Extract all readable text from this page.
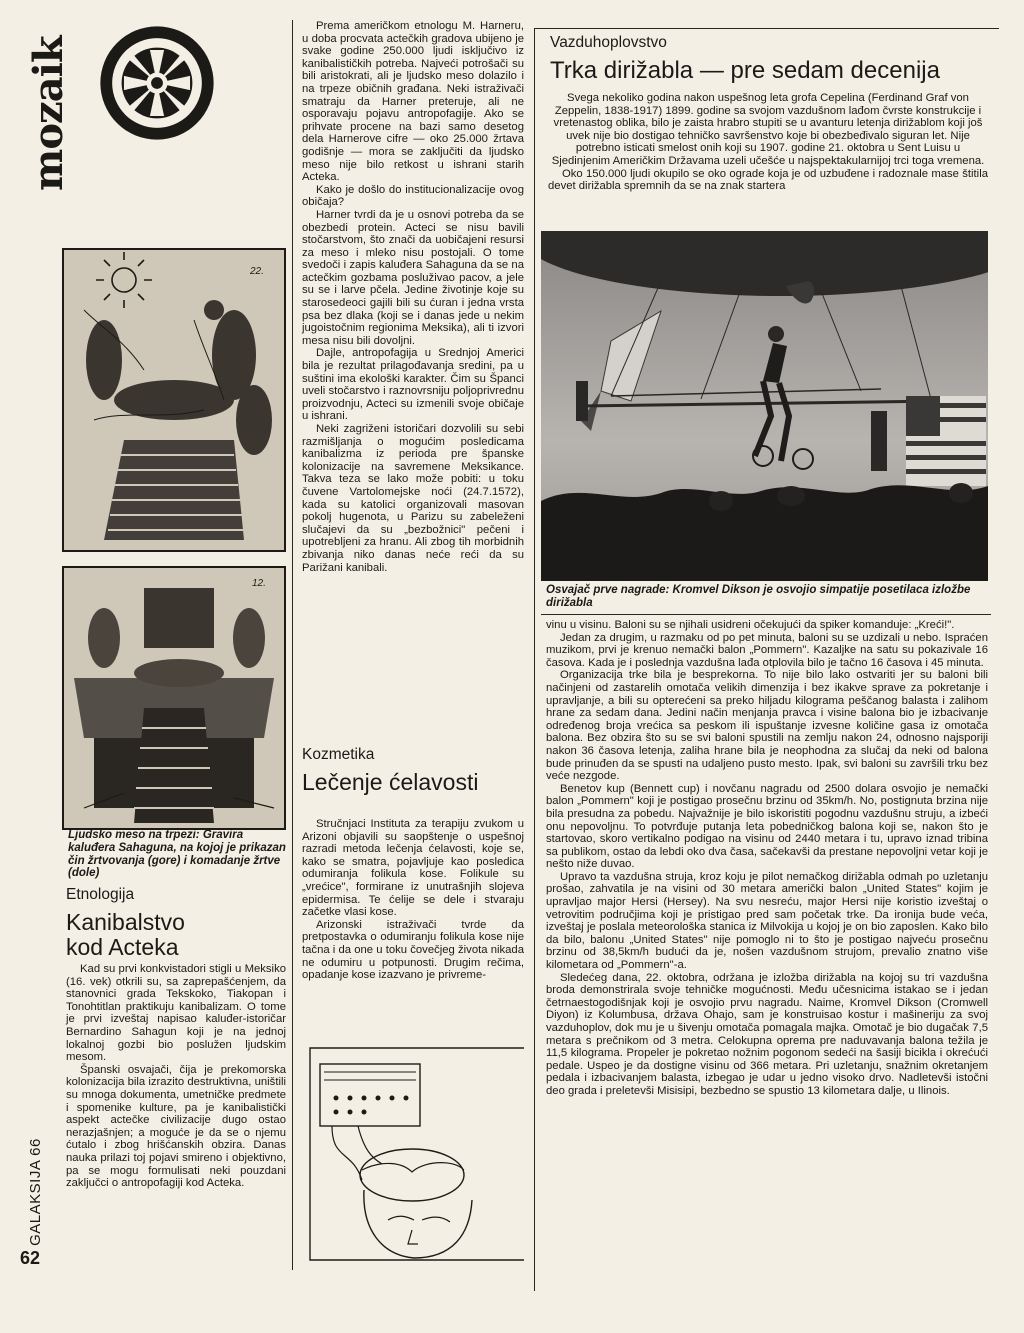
mozaik
GALAKSIJA 66
62
22.
12.
Ljudsko meso na trpezi: Gravira kaluđera Sahaguna, na kojoj je prikazan čin žrtvovanja (gore) i komadanje žrtve (dole)
Etnologija
Kanibalstvo
kod Acteka

Kad su prvi konkvistadori stigli u Meksiko (16. vek) otkrili su, sa zaprepašćenjem, da stanovnici grada Tekskoko, Tiakopan i Tonohtitlan praktikuju kanibalizam. O tome je prvi izveštaj napisao kaluđer-istoričar Bernardino Sahagun koji je na jednoj lokalnoj gozbi bio poslužen ljudskim mesom.

Španski osvajači, čija je prekomorska kolonizacija bila izrazito destruktivna, uništili su mnoga dokumenta, umetničke predmete i spomenike kulture, pa je kanibalistički aspekt actečke civilizacije dugo ostao nerazjašnjen; a moguće je da se o njemu ćutalo i zbog hrišćanskih obzira. Danas nauka prilazi toj pojavi smireno i objektivno, pa se mogu formulisati neki pouzdani zaključci o antropofagiji kod Acteka.

Prema američkom etnologu M. Harneru, u doba procvata actečkih gradova ubijeno je svake godine 250.000 ljudi isključivo iz kanibalističkih potreba. Najveći potrošači su bili aristokrati, ali je ljudsko meso dolazilo i na trpeze običnih građana. Neki istraživači smatraju da Harner preteruje, ali ne osporavaju pojavu antropofagije. Ako se prihvate procene na bazi samo desetog dela Harnerove cifre — oko 25.000 žrtava godišnje — mora se zaključiti da ljudsko meso nije bilo retkost u ishrani starih Acteka.

Kako je došlo do institucionalizacije ovog običaja?

Harner tvrdi da je u osnovi potreba da se obezbedi protein. Acteci se nisu bavili stočarstvom, što znači da uobičajeni resursi za meso i mleko nisu postojali. O tome svedoči i zapis kaluđera Sahaguna da se na actečkim gozbama posluživao pacov, a jele su se i larve pčela. Jedine životinje koje su starosedeoci gajili bili su ćuran i jedna vrsta psa bez dlaka (koji se i danas jede u nekim jugoistočnim regionima Meksika), ali ti izvori mesa nisu bili dovoljni.

Dajle, antropofagija u Srednjoj Americi bila je rezultat prilagođavanja sredini, pa u suštini ima ekološki karakter. Čim su Španci uveli stočarstvo i raznovrsniju poljoprivrednu proizvodnju, Acteci su izmenili svoje običaje u ishrani.

Neki zagriženi istoričari dozvolili su sebi razmišljanja o mogućim posledicama kanibalizma iz perioda pre španske kolonizacije na savremene Meksikance. Takva teza se lako može pobiti: u toku čuvene Vartolomejske noći (24.7.1572), kada su katolici organizovali masovan pokolj hugenota, u Parizu su zabeleženi slučajevi da su „bezbožnici" pečeni i upotrebljeni za hranu. Ali zbog tih morbidnih zbivanja niko danas neće reći da su Parižani kanibali.

Kozmetika
Lečenje ćelavosti

Stručnjaci Instituta za terapiju zvukom u Arizoni objavili su saopštenje o uspešnoj razradi metoda lečenja ćelavosti, koje se, kako se smatra, pojavljuje kao posledica odumiranja folikula kose. Folikule su „vrećice", formirane iz unutrašnjih slojeva epidermisa. Te ćelije se dele i stvaraju začetke vlasi kose.

Arizonski istraživači tvrde da pretpostavka o odumiranju folikula kose nije tačna i da one u toku čovečjeg života nikada ne odumiru u potpunosti. Drugim rečima, opadanje kose izazvano je privreme-

Vazduhoplovstvo
Trka dirižabla — pre sedam decenija

Svega nekoliko godina nakon uspešnog leta grofa Cepelina (Ferdinand Graf von Zeppelin, 1838-1917) 1899. godine sa svojom vazdušnom lađom čvrste konstrukcije i vretenastog oblika, bilo je zaista hrabro stupiti se u avanturu letenja dirižablom koji još uvek nije bio dostigao tehničko savršenstvo koje bi obezbeđivalo siguran let. Nije potrebno isticati smelost onih koji su 1907. godine 21. oktobra u Sent Luisu u Sjedinjenim Američkim Državama uzeli učešće u najspektakularnijoj trci toga vremena.

Oko 150.000 ljudi okupilo se oko ograde koja je od uzbuđene i radoznale mase štitila devet dirižabla spremnih da se na znak startera

Osvajač prve nagrade: Kromvel Dikson je osvojio simpatije posetilaca izložbe dirižabla

vinu u visinu. Baloni su se njihali usidreni očekujući da spiker komanduje: „Kreći!".

Jedan za drugim, u razmaku od po pet minuta, baloni su se uzdizali u nebo. Ispraćen muzikom, prvi je krenuo nemački balon „Pommern". Kazaljke na satu su pokazivale 16 časova. Kada je i poslednja vazdušna lađa otplovila bilo je tačno 16 časova i 45 minuta.

Organizacija trke bila je besprekorna. To nije bilo lako ostvariti jer su baloni bili načinjeni od zastarelih omotača velikih dimenzija i bez ikakve sprave za pokretanje i upravljanje, a bili su opterećeni sa preko hiljadu kilograma peščanog balasta i zalihom hrane za sedam dana. Jedini način menjanja pravca i visine balona bio je izbacivanje određenog broja vrećica sa peskom ili ispuštanje izvesne količine gasa iz omotača balona. Bez obzira što su se svi baloni spustili na zemlju nakon 24, odnosno najsporiji nakon 36 časova letenja, zaliha hrane bila je neophodna za slučaj da neki od balona bude prinuđen da se spusti na udaljeno pusto mesto. Ipak, svi baloni su završili trku bez veće nezgode.

Benetov kup (Bennett cup) i novčanu nagradu od 2500 dolara osvojio je nemački balon „Pommern" koji je postigao prosečnu brzinu od 35km/h. No, postignuta brzina nije bila presudna za pobedu. Najvažnije je bilo iskoristiti pogodnu vazdušnu struju, a izbeći onu nepovoljnu. To potvrđuje putanja leta pobedničkog balona koji se, nakon što je startovao, skoro vertikalno podigao na visinu od 2440 metara i tu, upravo iznad tribina sa publikom, ostao da lebdi oko dva časa, sačekavši da prestane nepovoljni vetar koji je nešto niže duvao.

Upravo ta vazdušna struja, kroz koju je pilot nemačkog dirižabla odmah po uzletanju prošao, zahvatila je na visini od 30 metara američki balon „United States" kojim je upravljao major Hersi (Hersey). Na svu nesreću, major Hersi nije koristio izveštaj o vetrovitim područjima koji je pristigao pred sam početak trke. Da ironija bude veća, izveštaj je poslala meteorološka stanica iz Milvokija u kojoj je on bio zaposlen. Kako bilo da bilo, balonu „United States" nije pomoglo ni to što je postigao najveću prosečnu brzinu od 38,5km/h budući da je, nošen vazdušnom strujom, prevalio znatno više kilometara od „Pommern"-a.

Sledećeg dana, 22. oktobra, održana je izložba dirižabla na kojoj su tri vazdušna broda demonstrirala svoje tehničke mogućnosti. Među učesnicima istakao se i jedan četrnaestogodišnjak koji je osvojio prvu nagradu. Naime, Kromvel Dikson (Cromwell Diyon) iz Kolumbusa, država Ohajo, sam je konstruisao kostur i mašineriju za svoj vazduhoplov, dok mu je u šivenju omotača pomagala majka. Omotač je bio dugačak 7,5 metara s prečnikom od 3 metra. Celokupna oprema pre naduvavanja balona težila je 11,5 kilograma. Propeler je pokretao nožnim pogonom sedeći na šasiji bicikla i okrećući pedale. Uspeo je da dostigne visinu od 366 metara. Pri uzletanju, snažnim okretanjem pedala i izbacivanjem balasta, izbegao je udar u jedno visoko drvo. Nadletevši istočni deo grada i preletevši Misisipi, bezbedno se spustio 13 kilometara dalje, u Ilinois.
